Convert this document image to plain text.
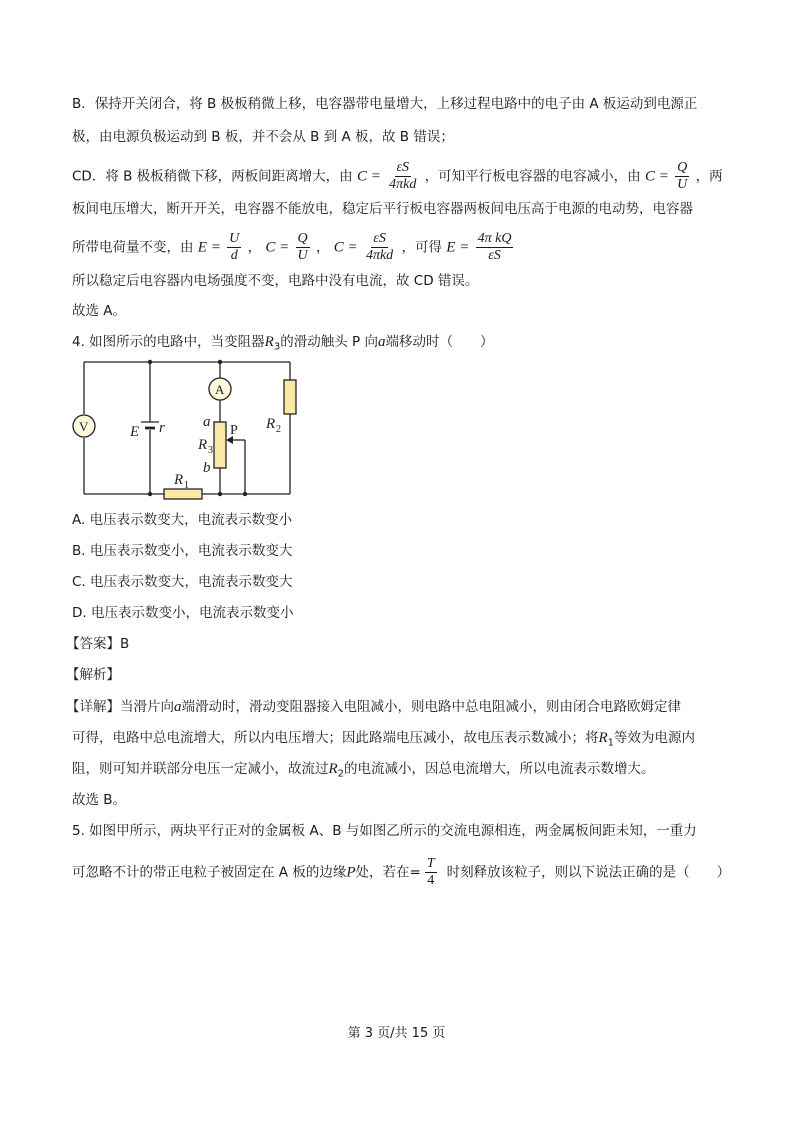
B．保持开关闭合，将 B 极板稍微上移，电容器带电量增大，上移过程电路中的电子由 A 板运动到电源正
极，由电源负极运动到 B 板，并不会从 B 到 A 板，故 B 错误；
CD．将 B 极板稍微下移，两板间距离增大，由 $C = \frac{\varepsilon S}{\text{4πkd}}$ ，可知平行板电容器的电容减小，由 $C = \frac{Q}{U}$ ，两
板间电压增大，断开开关，电容器不能放电，稳定后平行板电容器两板间电压高于电源的电动势，电容器
所带电荷量不变，由 $E = \frac{U}{d}$ ， $C = \frac{Q}{U}$ ， $C = \frac{\varepsilon S}{\text{4πkd}}$ ，可得 $E = \frac{\text{4π kQ}}{\varepsilon S}$
所以稳定后电容器内电场强度不变，电路中没有电流，故 CD 错误。
故选 A。
4. 如图所示的电路中，当变阻器$R_3$的滑动触头 P 向a端移动时（　　）
V
A
E r	a
b
R 3
P R 2
R 1
A. 电压表示数变大，电流表示数变小
B. 电压表示数变小，电流表示数变大
C. 电压表示数变大，电流表示数变大
D. 电压表示数变小，电流表示数变小
【答案】B
【解析】
【详解】当滑片向a端滑动时，滑动变阻器接入电阻减小，则电路中总电阻减小，则由闭合电路欧姆定律
可得，电路中总电流增大，所以内电压增大；因此路端电压减小，故电压表示数减小；将$R_1$等效为电源内
阻，则可知并联部分电压一定减小，故流过$R_2$的电流减小，因总电流增大，所以电流表示数增大。
故选 B。
5. 如图甲所示，两块平行正对的金属板 A、B 与如图乙所示的交流电源相连，两金属板间距未知，一重力
可忽略不计的带正电粒子被固定在 A 板的边缘P处，若在= $\frac{T}{4}$ 时刻释放该粒子，则以下说法正确的是（　　）
第 3 页/共 15 页
